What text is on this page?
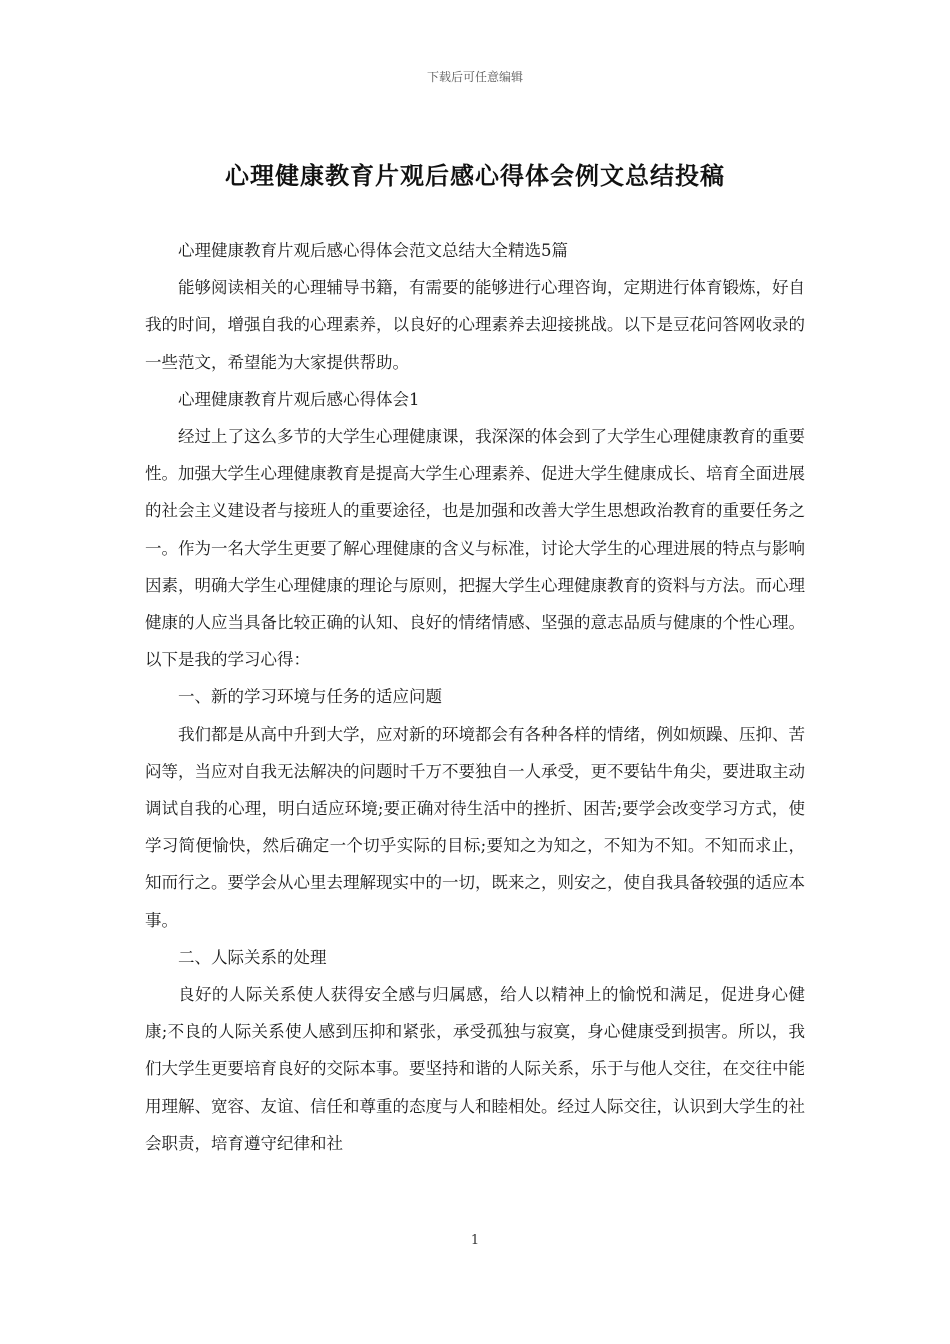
下载后可任意编辑
心理健康教育片观后感心得体会例文总结投稿

心理健康教育片观后感心得体会范文总结大全精选5篇

能够阅读相关的心理辅导书籍，有需要的能够进行心理咨询，定期进行体育锻炼，好自我的时间，增强自我的心理素养，以良好的心理素养去迎接挑战。以下是豆花问答网收录的一些范文，希望能为大家提供帮助。

心理健康教育片观后感心得体会1

经过上了这么多节的大学生心理健康课，我深深的体会到了大学生心理健康教育的重要性。加强大学生心理健康教育是提高大学生心理素养、促进大学生健康成长、培育全面进展的社会主义建设者与接班人的重要途径，也是加强和改善大学生思想政治教育的重要任务之一。作为一名大学生更要了解心理健康的含义与标准，讨论大学生的心理进展的特点与影响因素，明确大学生心理健康的理论与原则，把握大学生心理健康教育的资料与方法。而心理健康的人应当具备比较正确的认知、良好的情绪情感、坚强的意志品质与健康的个性心理。以下是我的学习心得：

一、新的学习环境与任务的适应问题

我们都是从高中升到大学，应对新的环境都会有各种各样的情绪，例如烦躁、压抑、苦闷等，当应对自我无法解决的问题时千万不要独自一人承受，更不要钻牛角尖，要进取主动调试自我的心理，明白适应环境;要正确对待生活中的挫折、困苦;要学会改变学习方式，使学习简便愉快，然后确定一个切乎实际的目标;要知之为知之，不知为不知。不知而求止，知而行之。要学会从心里去理解现实中的一切，既来之，则安之，使自我具备较强的适应本事。

二、人际关系的处理

良好的人际关系使人获得安全感与归属感，给人以精神上的愉悦和满足，促进身心健康;不良的人际关系使人感到压抑和紧张，承受孤独与寂寞，身心健康受到损害。所以，我们大学生更要培育良好的交际本事。要坚持和谐的人际关系，乐于与他人交往，在交往中能用理解、宽容、友谊、信任和尊重的态度与人和睦相处。经过人际交往，认识到大学生的社会职责，培育遵守纪律和社

1
